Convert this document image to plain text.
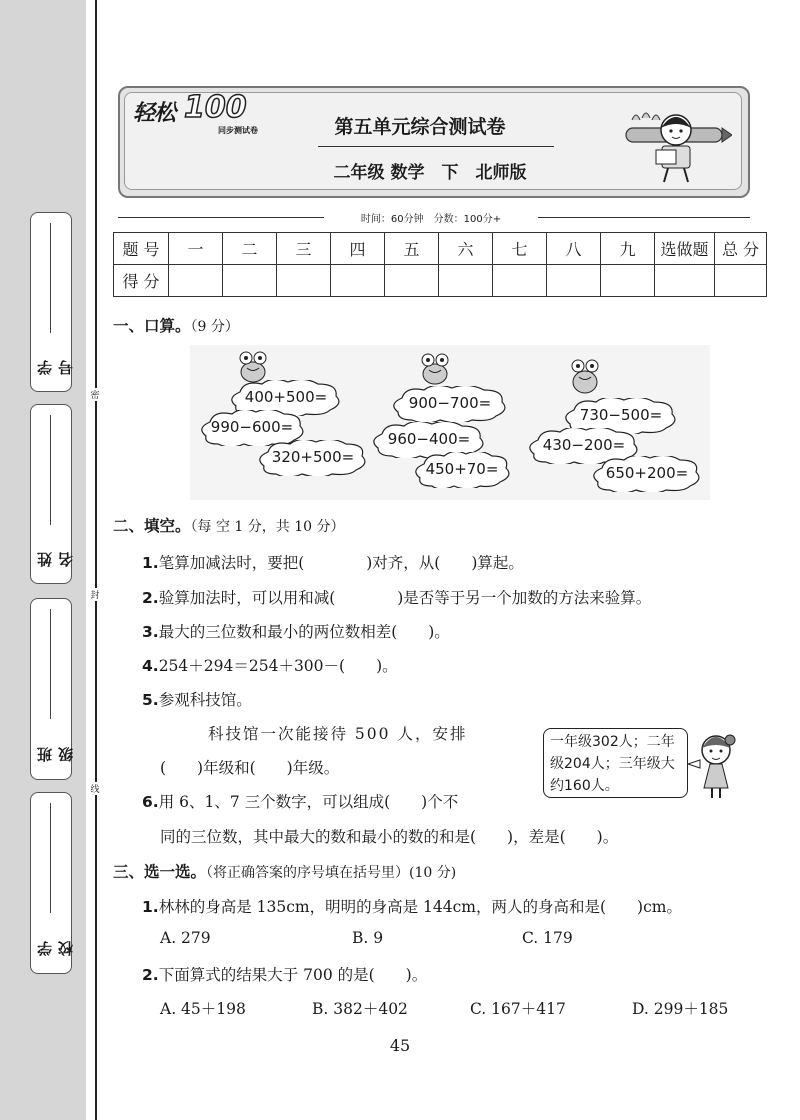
学 号
姓 名
班 级
学 校
密
封
线
轻松 100
同步测试卷	第五单元综合测试卷
二年级 数学　下　北师版
时间：60分钟　分数：100分+
题 号	一	二	三	四	五	六	七	八	九	选做题	总 分
得 分											
一、口算。（9 分）
400+500=
990−600=
320+500=
900−700=
960−400=
450+70=
730−500=
430−200=
650+200=
二、填空。（每 空 1 分，共 10 分）
1.笔算加减法时，要把(　　　　)对齐，从(　　)算起。
2.验算加法时，可以用和减(　　　　)是否等于另一个加数的方法来验算。
3.最大的三位数和最小的两位数相差(　　)。
4.254＋294＝254＋300－(　　)。
5.参观科技馆。
科技馆一次能接待 500 人，安排
(　　)年级和(　　)年级。
一年级302人；二年级204人；三年级大约160人。
6.用 6、1、7 三个数字，可以组成(　　)个不
同的三位数，其中最大的数和最小的数的和是(　　)，差是(　　)。
三、选一选。（将正确答案的序号填在括号里）(10 分)
1.林林的身高是 135cm，明明的身高是 144cm，两人的身高和是(　　)cm。
A. 279	B. 9	C. 179
2.下面算式的结果大于 700 的是(　　)。
A. 45＋198	B. 382＋402	C. 167＋417	D. 299＋185
45
